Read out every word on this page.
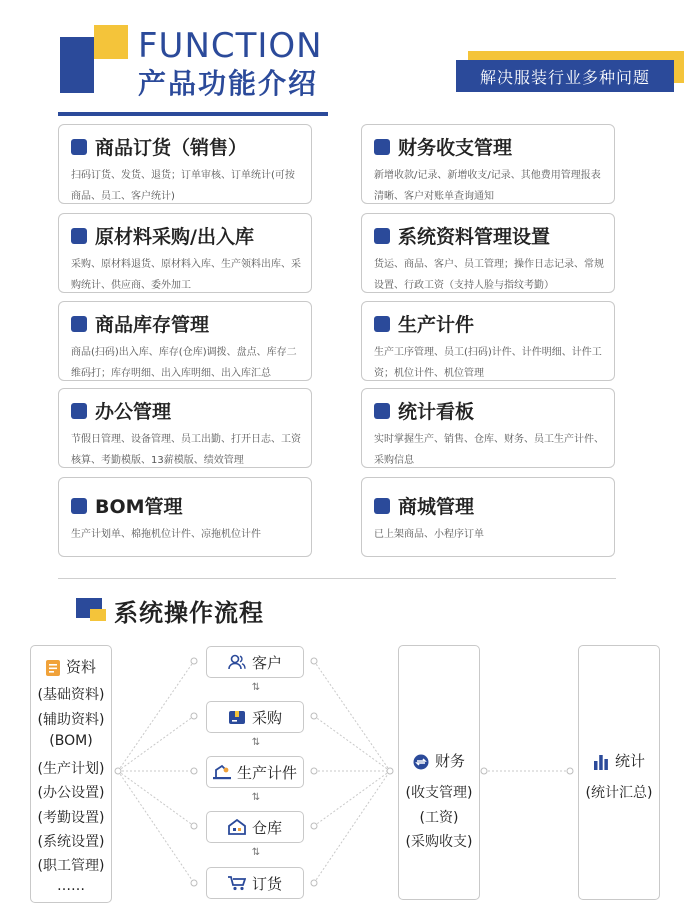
FUNCTION
产品功能介绍	解决服装行业多种问题
商品订货（销售）
扫码订货、发货、退货；订单审核、订单统计(可按商品、员工、客户统计)
财务收支管理
新增收款/记录、新增收支/记录、其他费用管理报表清晰、客户对账单查询通知
原材料采购/出入库
采购、原材料退货、原材料入库、生产领料出库、采购统计、供应商、委外加工
系统资料管理设置
货运、商品、客户、员工管理；操作日志记录、常规设置、行政工资（支持人脸与指纹考勤）
商品库存管理
商品(扫码)出入库、库存(仓库)调拨、盘点、库存二维码打；库存明细、出入库明细、出入库汇总
生产计件
生产工序管理、员工(扫码)计件、计件明细、计件工资；机位计件、机位管理
办公管理
节假日管理、设备管理、员工出勤、打开日志、工资核算、考勤模版、13薪模版、绩效管理
统计看板
实时掌握生产、销售、仓库、财务、员工生产计件、采购信息
BOM管理
生产计划单、棉拖机位计件、凉拖机位计件
商城管理
已上架商品、小程序订单
系统操作流程
资料
(基础资料)
(辅助资料)
(BOM)
(生产计划)
(办公设置)
(考勤设置)
(系统设置)
(职工管理)
……
客户
⇅
采购
⇅
生产计件
⇅
仓库
⇅
订货
财务
(收支管理)
(工资)
(采购收支)
统计
(统计汇总)
